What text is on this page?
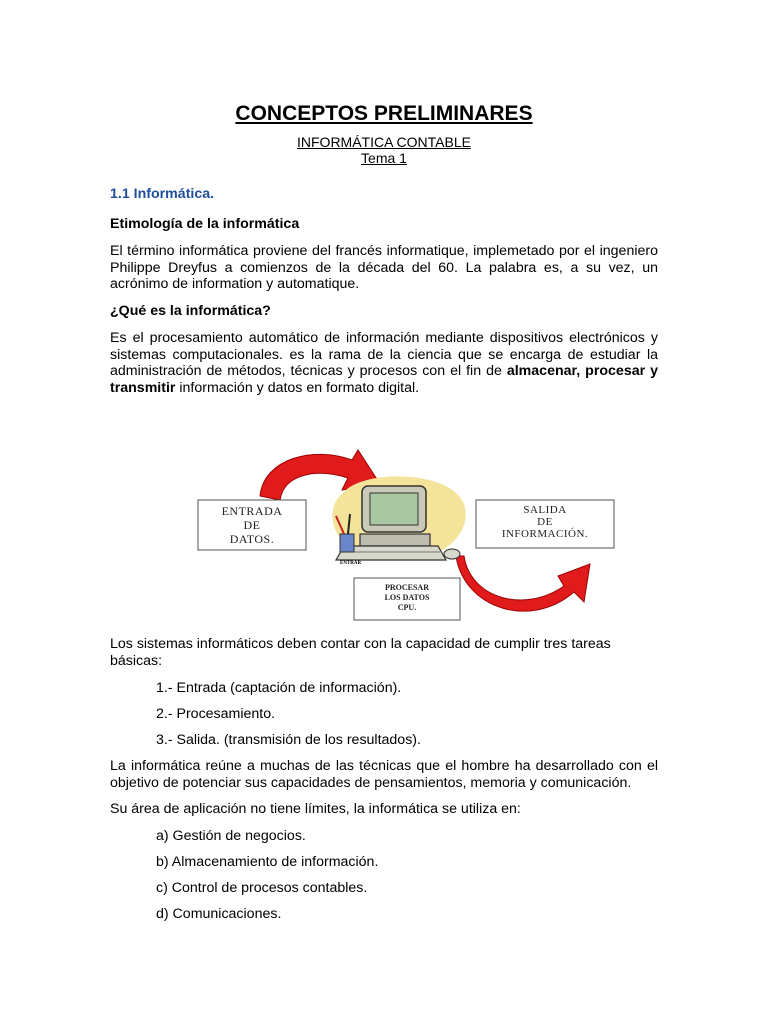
CONCEPTOS PRELIMINARES
INFORMÁTICA CONTABLE
Tema 1
1.1 Informática.
Etimología de la informática
El término informática proviene del francés informatique, implemetado por el ingeniero Philippe Dreyfus a comienzos de la década del 60. La palabra es, a su vez, un acrónimo de information y automatique.
¿Qué es la informática?
Es el procesamiento automático de información mediante dispositivos electrónicos y sistemas computacionales. es la rama de la ciencia que se encarga de estudiar la administración de métodos, técnicas y procesos con el fin de almacenar, procesar y transmitir información y datos en formato digital.
Los sistemas informáticos deben contar con la capacidad de cumplir tres tareas básicas:
1.- Entrada (captación de información).
2.- Procesamiento.
3.- Salida. (transmisión de los resultados).
La informática reúne a muchas de las técnicas que el hombre ha desarrollado con el objetivo de potenciar sus capacidades de pensamientos, memoria y comunicación.
Su área de aplicación no tiene límites, la informática se utiliza en:
a) Gestión de negocios.
b) Almacenamiento de información.
c) Control de procesos contables.
d) Comunicaciones.
ENTRAR
ENTRADA
DE
DATOS.
SALIDA
DE
INFORMACIÓN.
PROCESAR
LOS DATOS
CPU.
